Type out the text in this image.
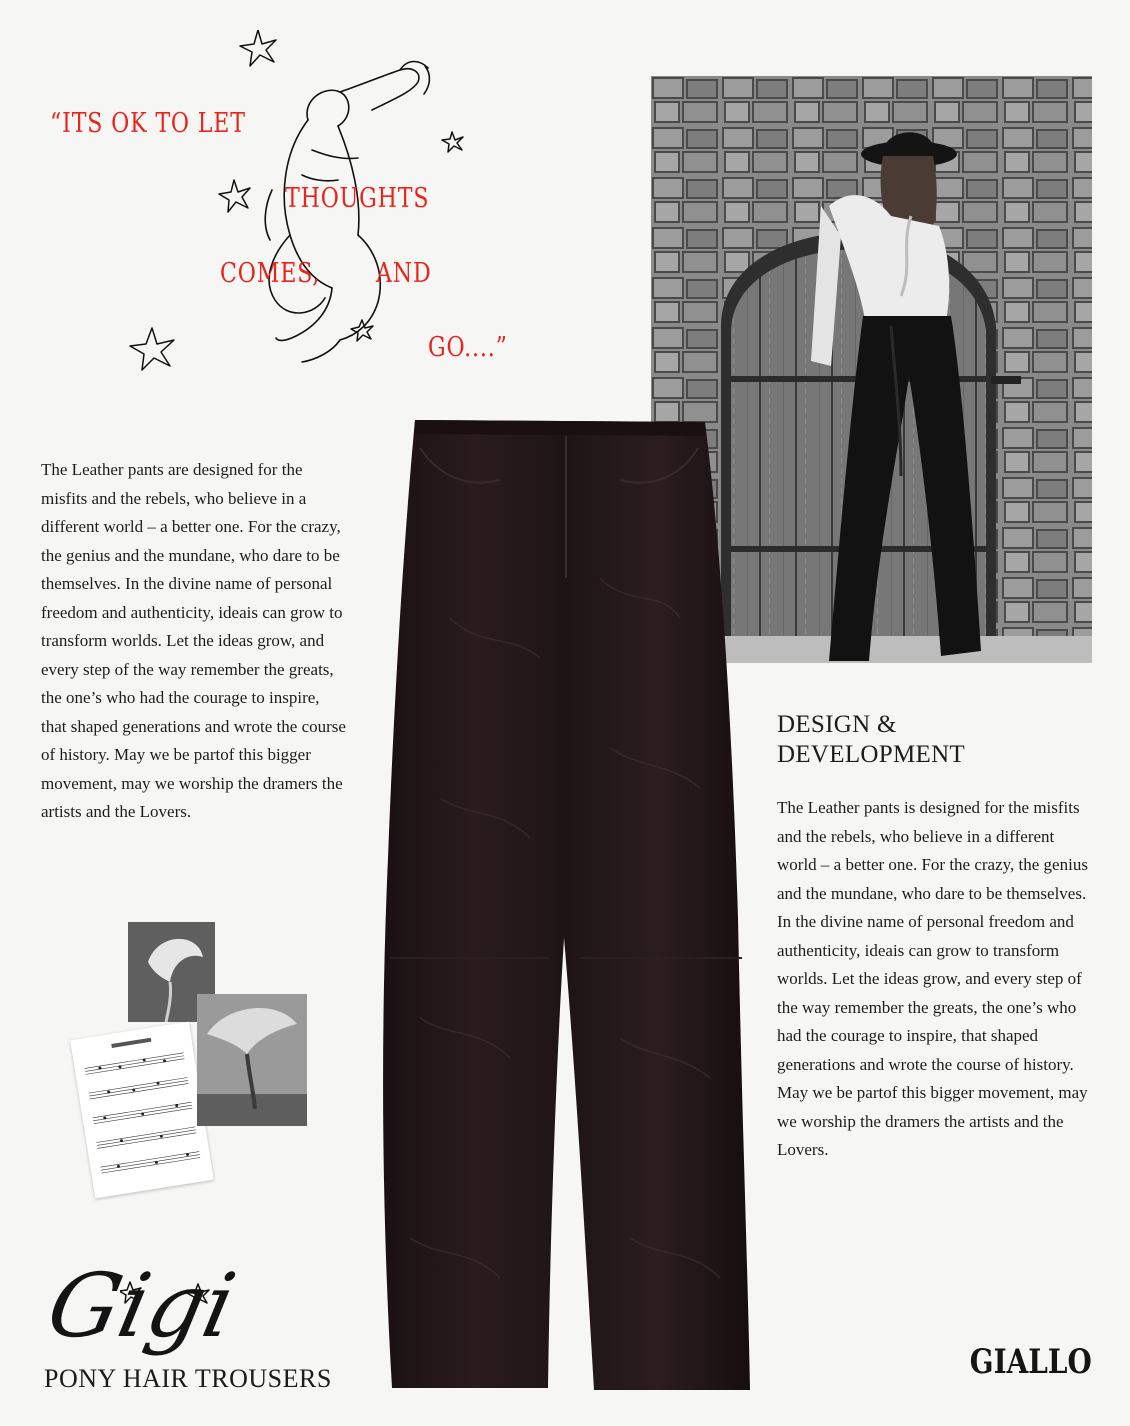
“ITS OK TO LET
THOUGHTS
COMES, AND
GO....”
The Leather pants are designed for the misfits and the rebels, who believe in a different world – a better one. For the crazy, the genius and the mundane, who dare to be themselves. In the divine name of personal freedom and authenticity, ideais can grow to transform worlds. Let the ideas grow, and every step of the way remember the greats, the one’s who had the courage to inspire, that shaped generations and wrote the course of history. May we be partof this bigger movement, may we worship the dramers the artists and the Lovers.
DESIGN &
DEVELOPMENT
The Leather pants is designed for the misfits and the rebels, who believe in a different world – a better one. For the crazy, the genius and the mundane, who dare to be themselves. In the divine name of personal freedom and authenticity, ideais can grow to transform worlds. Let the ideas grow, and every step of the way remember the greats, the one’s who had the courage to inspire, that shaped generations and wrote the course of history. May we be partof this bigger movement, may we worship the dramers the artists and the Lovers.
Gigi
PONY HAIR TROUSERS	GIALLO
